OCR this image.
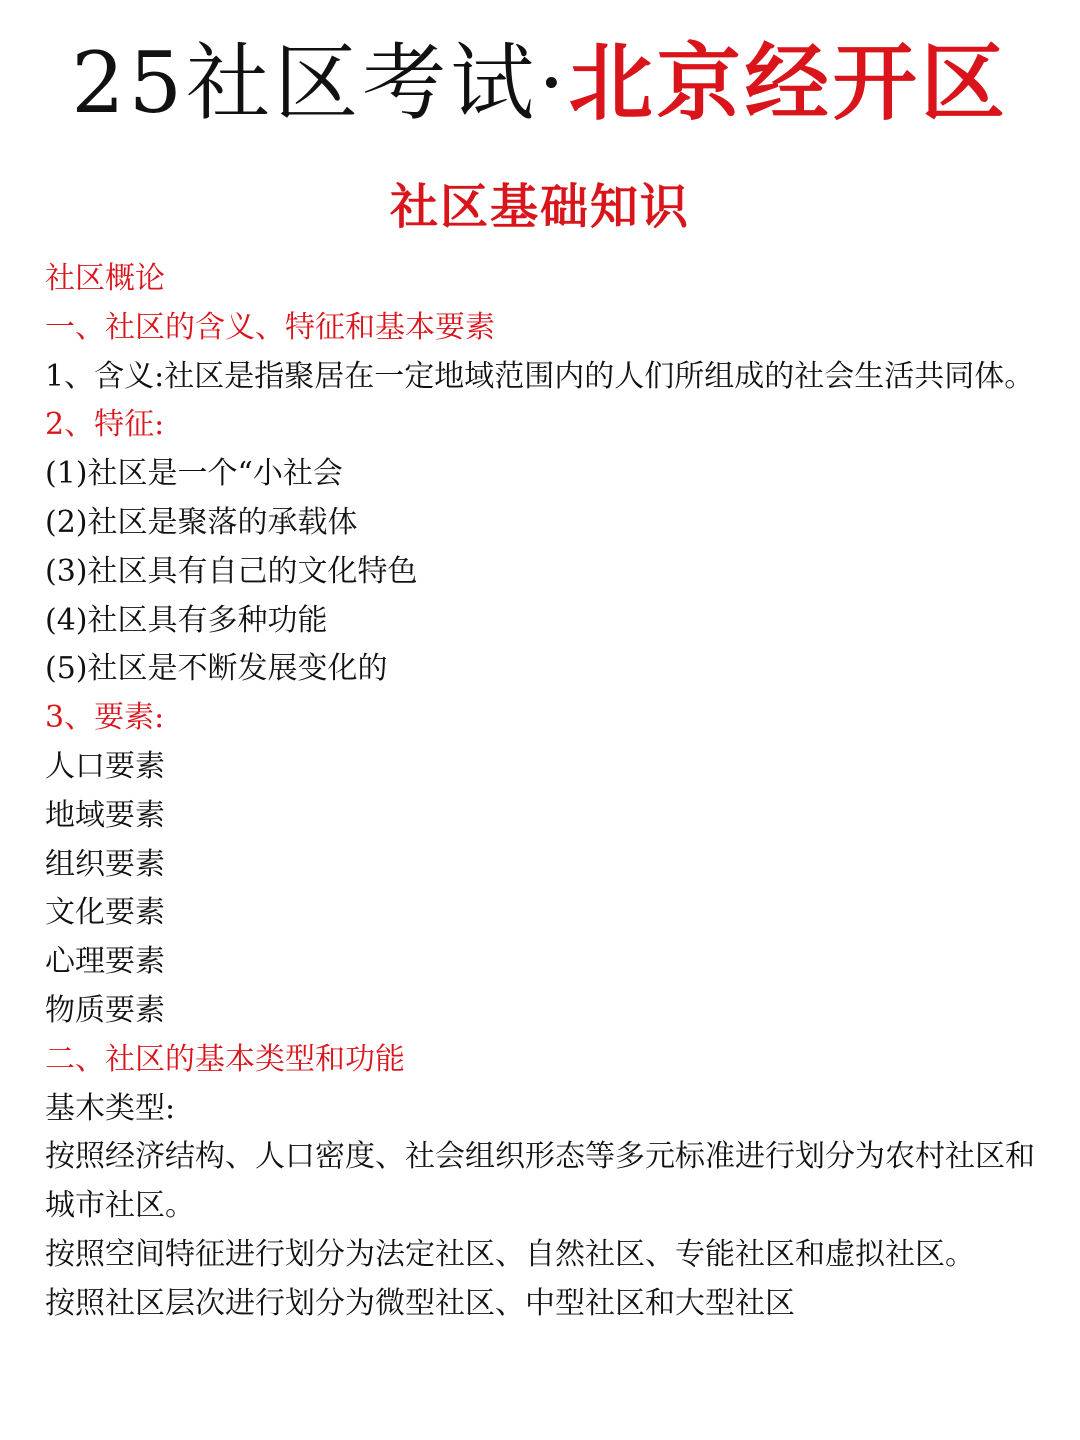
25社区考试·北京经开区
社区基础知识
社区概论
一、社区的含义、特征和基本要素
1、含义:社区是指聚居在一定地域范围内的人们所组成的社会生活共同体。
2、特征:
(1)社区是一个“小社会
(2)社区是聚落的承载体
(3)社区具有自己的文化特色
(4)社区具有多种功能
(5)社区是不断发展变化的
3、要素:
人口要素
地域要素
组织要素
文化要素
心理要素
物质要素
二、社区的基本类型和功能
基木类型:
按照经济结构、人口密度、社会组织形态等多元标准进行划分为农村社区和城市社区。
按照空间特征进行划分为法定社区、自然社区、专能社区和虚拟社区。
按照社区层次进行划分为微型社区、中型社区和大型社区
